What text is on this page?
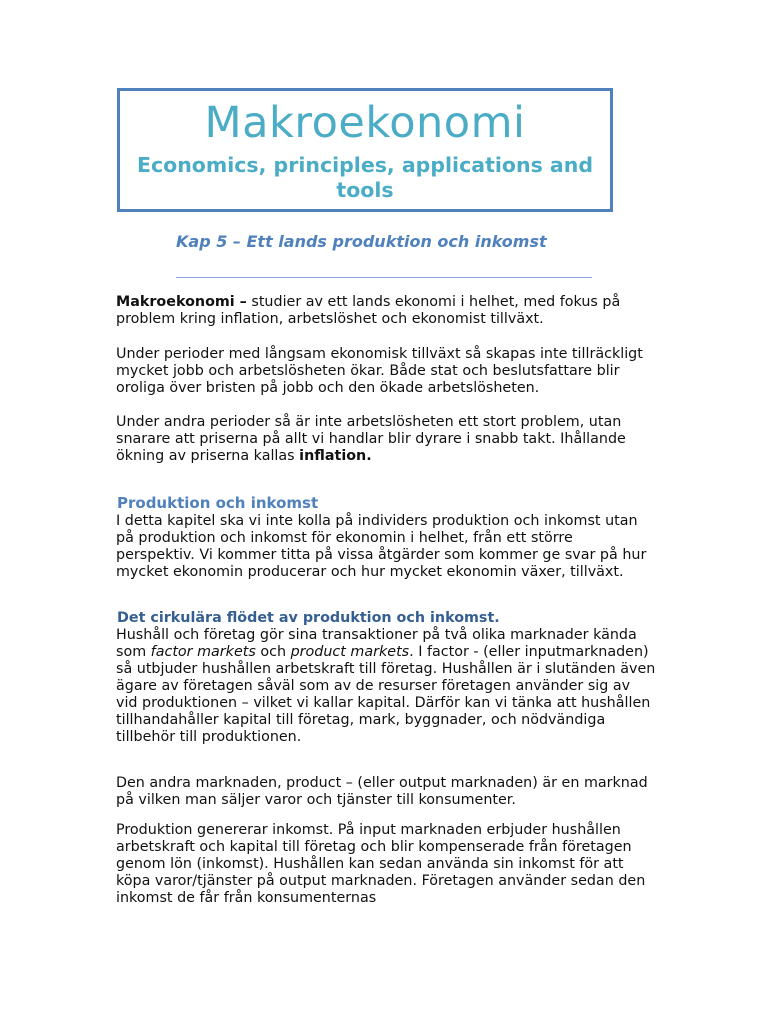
Makroekonomi
Economics, principles, applications and tools
Kap 5 – Ett lands produktion och inkomst

Makroekonomi – studier av ett lands ekonomi i helhet, med fokus på problem kring inflation, arbetslöshet och ekonomist tillväxt.

Under perioder med långsam ekonomisk tillväxt så skapas inte tillräckligt mycket jobb och arbetslösheten ökar. Både stat och beslutsfattare blir oroliga över bristen på jobb och den ökade arbetslösheten.

Under andra perioder så är inte arbetslösheten ett stort problem, utan snarare att priserna på allt vi handlar blir dyrare i snabb takt. Ihållande ökning av priserna kallas inflation.

Produktion och inkomst

I detta kapitel ska vi inte kolla på individers produktion och inkomst utan på produktion och inkomst för ekonomin i helhet, från ett större perspektiv. Vi kommer titta på vissa åtgärder som kommer ge svar på hur mycket ekonomin producerar och hur mycket ekonomin växer, tillväxt.

Det cirkulära flödet av produktion och inkomst.

Hushåll och företag gör sina transaktioner på två olika marknader kända som factor markets och product markets. I factor - (eller inputmarknaden) så utbjuder hushållen arbetskraft till företag. Hushållen är i slutänden även ägare av företagen såväl som av de resurser företagen använder sig av vid produktionen – vilket vi kallar kapital. Därför kan vi tänka att hushållen tillhandahåller kapital till företag, mark, byggnader, och nödvändiga tillbehör till produktionen.

Den andra marknaden, product – (eller output marknaden) är en marknad på vilken man säljer varor och tjänster till konsumenter.

Produktion genererar inkomst. På input marknaden erbjuder hushållen arbetskraft och kapital till företag och blir kompenserade från företagen genom lön (inkomst). Hushållen kan sedan använda sin inkomst för att köpa varor/tjänster på output marknaden. Företagen använder sedan den inkomst de får från konsumenternas
